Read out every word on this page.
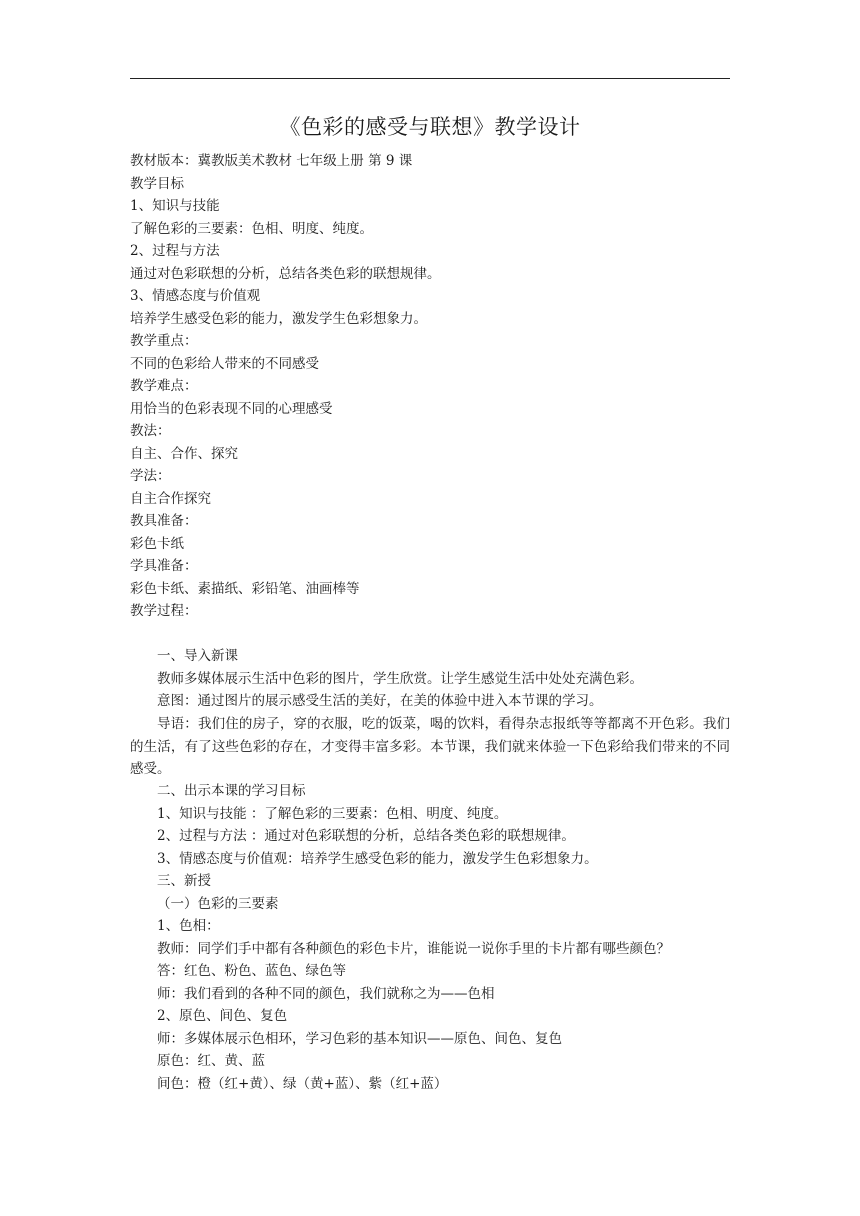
《色彩的感受与联想》教学设计
教材版本：冀教版美术教材 七年级上册 第 9 课
教学目标
1、知识与技能
了解色彩的三要素：色相、明度、纯度。
2、过程与方法
通过对色彩联想的分析，总结各类色彩的联想规律。
3、情感态度与价值观
培养学生感受色彩的能力，激发学生色彩想象力。
教学重点：
不同的色彩给人带来的不同感受
教学难点：
用恰当的色彩表现不同的心理感受
教法：
自主、合作、探究
学法：
自主合作探究
教具准备：
彩色卡纸
学具准备：
彩色卡纸、素描纸、彩铅笔、油画棒等
教学过程：
一、导入新课
教师多媒体展示生活中色彩的图片，学生欣赏。让学生感觉生活中处处充满色彩。
意图：通过图片的展示感受生活的美好，在美的体验中进入本节课的学习。
导语：我们住的房子，穿的衣服，吃的饭菜，喝的饮料，看得杂志报纸等等都离不开色彩。我们的生活，有了这些色彩的存在，才变得丰富多彩。本节课，我们就来体验一下色彩给我们带来的不同感受。
二、出示本课的学习目标
1、知识与技能 ：了解色彩的三要素：色相、明度、纯度。
2、过程与方法 ：通过对色彩联想的分析，总结各类色彩的联想规律。
3、情感态度与价值观：培养学生感受色彩的能力，激发学生色彩想象力。
三、新授
（一）色彩的三要素
1、色相：
教师：同学们手中都有各种颜色的彩色卡片，谁能说一说你手里的卡片都有哪些颜色？
答：红色、粉色、蓝色、绿色等
师：我们看到的各种不同的颜色，我们就称之为——色相
2、原色、间色、复色
师：多媒体展示色相环，学习色彩的基本知识——原色、间色、复色
原色：红、黄、蓝
间色：橙（红+黄）、绿（黄+蓝）、紫（红+蓝）
